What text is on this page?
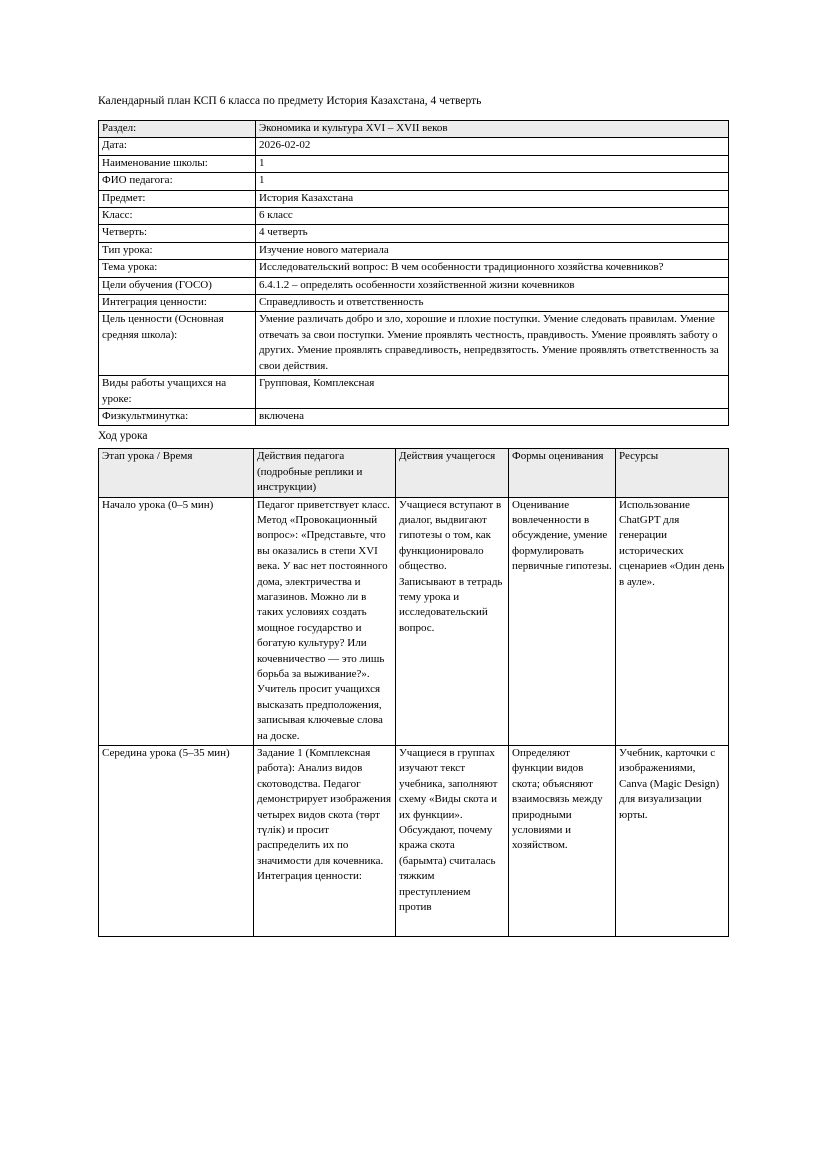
Календарный план КСП 6 класса по предмету История Казахстана, 4 четверть

Раздел:	Экономика и культура XVI – XVII веков
Дата:	2026-02-02
Наименование школы:	1
ФИО педагога:	1
Предмет:	История Казахстана
Класс:	6 класс
Четверть:	4 четверть
Тип урока:	Изучение нового материала
Тема урока:	Исследовательский вопрос: В чем особенности традиционного хозяйства кочевников?
Цели обучения (ГОСО)	6.4.1.2 – определять особенности хозяйственной жизни кочевников
Интеграция ценности:	Справедливость и ответственность
Цель ценности (Основная средняя школа):	Умение различать добро и зло, хорошие и плохие поступки. Умение следовать правилам. Умение отвечать за свои поступки. Умение проявлять честность, правдивость. Умение проявлять заботу о других. Умение проявлять справедливость, непредвзятость. Умение проявлять ответственность за свои действия.
Виды работы учащихся на уроке:	Групповая, Комплексная
Физкультминутка:	включена

Ход урока

Этап урока / Время	Действия педагога (подробные реплики и инструкции)	Действия учащегося	Формы оценивания	Ресурсы
Начало урока (0–5 мин)	Педагог приветствует класс. Метод «Провокационный вопрос»: «Представьте, что вы оказались в степи XVI века. У вас нет постоянного дома, электричества и магазинов. Можно ли в таких условиях создать мощное государство и богатую культуру? Или кочевничество — это лишь борьба за выживание?». Учитель просит учащихся высказать предположения, записывая ключевые слова на доске.	Учащиеся вступают в диалог, выдвигают гипотезы о том, как функционировало общество. Записывают в тетрадь тему урока и исследовательский вопрос.	Оценивание вовлеченности в обсуждение, умение формулировать первичные гипотезы.	Использование ChatGPT для генерации исторических сценариев «Один день в ауле».

Середина урока (5–35 мин)	Задание 1 (Комплексная работа): Анализ видов скотоводства. Педагог демонстрирует изображения четырех видов скота (төрт түлік) и просит распределить их по значимости для кочевника. Интеграция ценности:	Учащиеся в группах изучают текст учебника, заполняют схему «Виды скота и их функции». Обсуждают, почему кража скота (барымта) считалась тяжким преступлением против	Определяют функции видов скота; объясняют взаимосвязь между природными условиями и хозяйством.	Учебник, карточки с изображениями, Canva (Magic Design) для визуализации юрты.
